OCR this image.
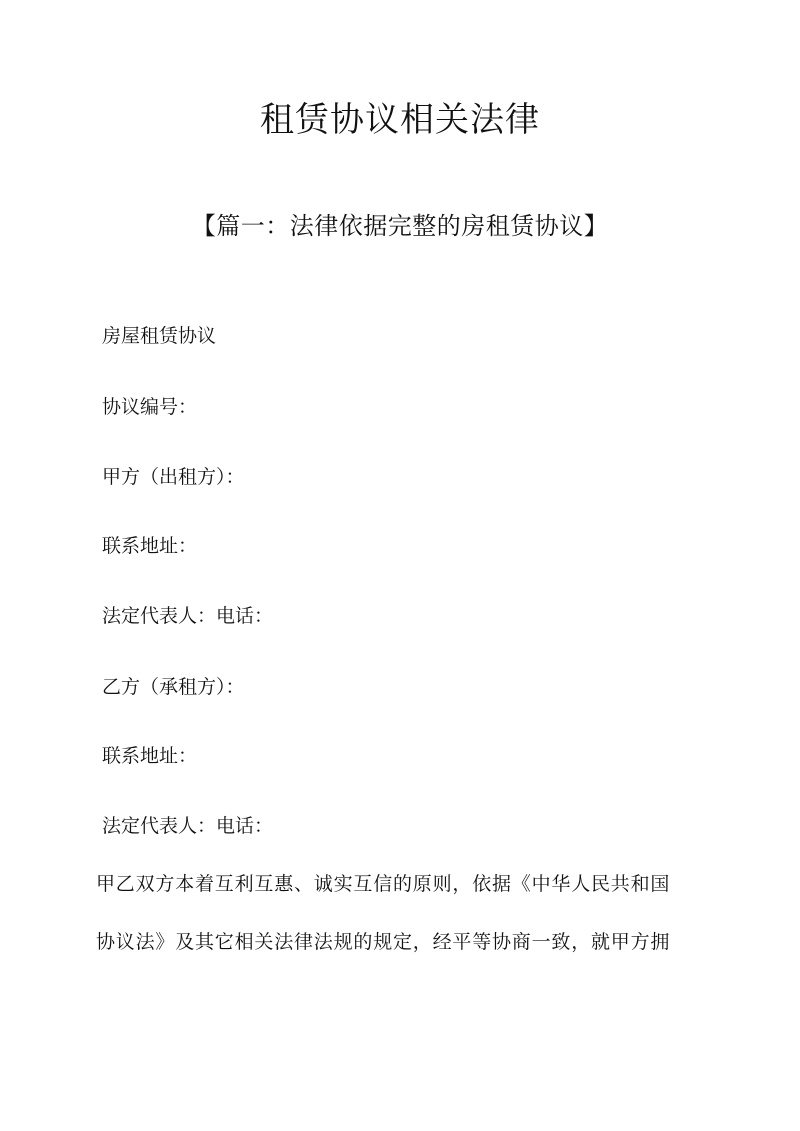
租赁协议相关法律
【篇一：法律依据完整的房租赁协议】
房屋租赁协议
协议编号：
甲方（出租方）：
联系地址：
法定代表人：电话：
乙方（承租方）：
联系地址：
法定代表人：电话：
甲乙双方本着互利互惠、诚实互信的原则，依据《中华人民共和国
协议法》及其它相关法律法规的规定，经平等协商一致，就甲方拥
